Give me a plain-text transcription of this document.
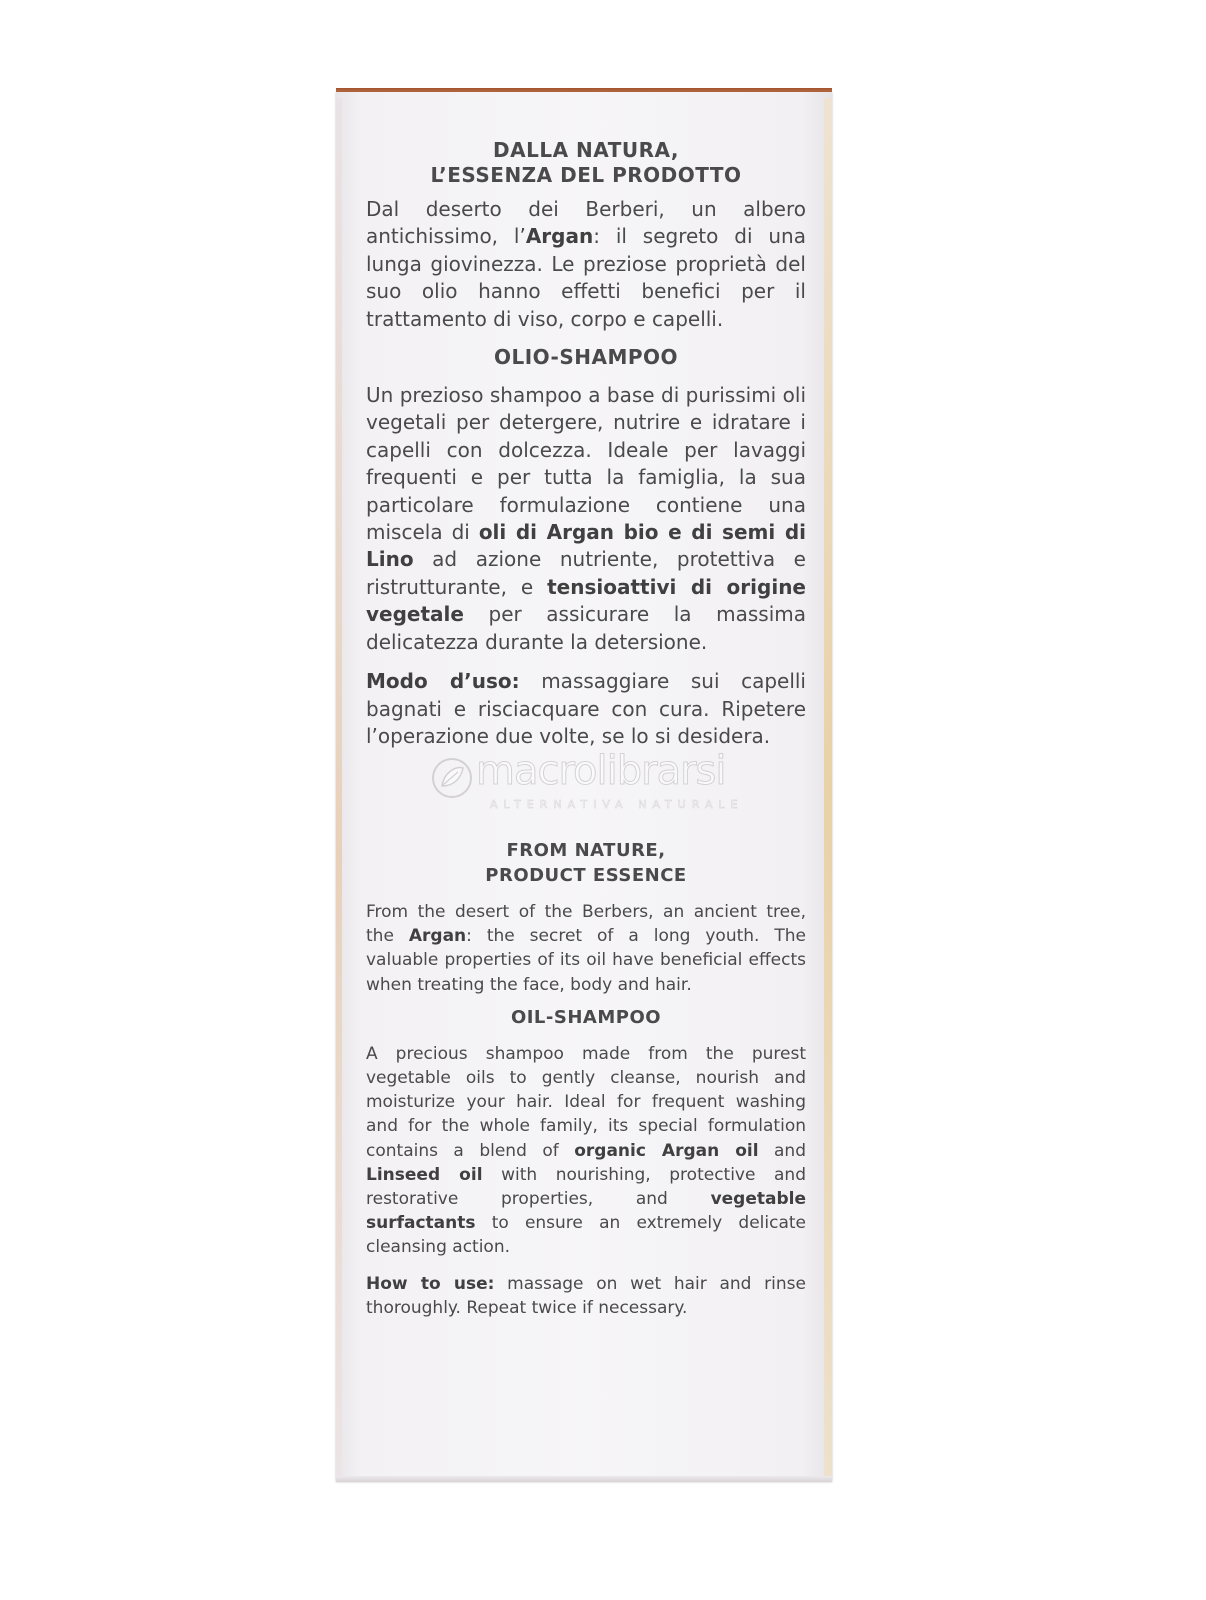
DALLA NATURA,
L’ESSENZA DEL PRODOTTO

Dal deserto dei Berberi, un albero antichissimo, l’Argan: il segreto di una lunga giovinezza. Le preziose proprietà del suo olio hanno effetti benefici per il trattamento di viso, corpo e capelli.

OLIO-SHAMPOO

Un prezioso shampoo a base di purissimi oli vegetali per detergere, nutrire e idratare i capelli con dolcezza. Ideale per lavaggi frequenti e per tutta la famiglia, la sua particolare formulazione contiene una miscela di oli di Argan bio e di semi di Lino ad azione nutriente, protettiva e ristrutturante, e tensioattivi di origine vegetale per assicurare la massima delicatezza durante la detersione.

Modo d’uso: massaggiare sui capelli bagnati e risciacquare con cura. Ripetere l’operazione due volte, se lo si desidera.

macrolibrarsi
ALTERNATIVA NATURALE

FROM NATURE,
PRODUCT ESSENCE

From the desert of the Berbers, an ancient tree, the Argan: the secret of a long youth. The valuable properties of its oil have beneficial effects when treating the face, body and hair.

OIL-SHAMPOO

A precious shampoo made from the purest vegetable oils to gently cleanse, nourish and moisturize your hair. Ideal for frequent washing and for the whole family, its special formulation contains a blend of organic Argan oil and Linseed oil with nourishing, protective and restorative properties, and vegetable surfactants to ensure an extremely delicate cleansing action.

How to use: massage on wet hair and rinse thoroughly. Repeat twice if necessary.
